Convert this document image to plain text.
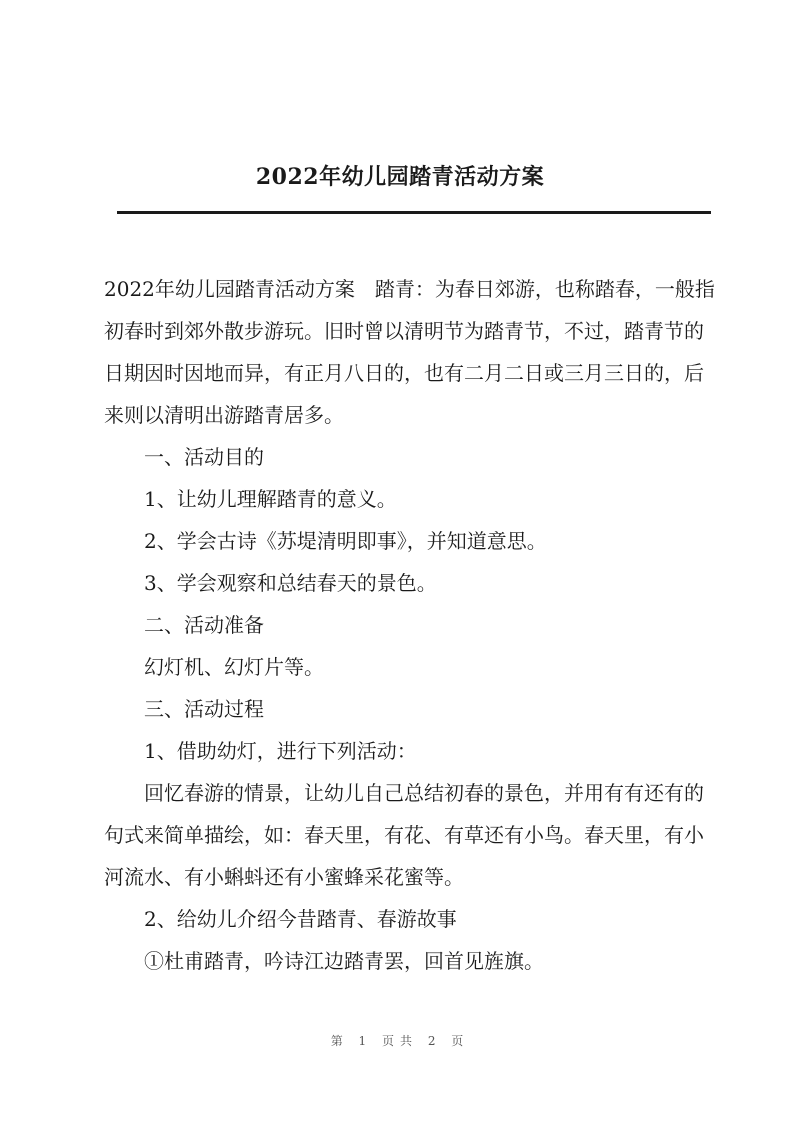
2022年幼儿园踏青活动方案

2022年幼儿园踏青活动方案　踏青：为春日郊游，也称踏春，一般指初春时到郊外散步游玩。旧时曾以清明节为踏青节，不过，踏青节的日期因时因地而异，有正月八日的，也有二月二日或三月三日的，后来则以清明出游踏青居多。

一、活动目的

1、让幼儿理解踏青的意义。

2、学会古诗《苏堤清明即事》，并知道意思。

3、学会观察和总结春天的景色。

二、活动准备

幻灯机、幻灯片等。

三、活动过程

1、借助幼灯，进行下列活动：

回忆春游的情景，让幼儿自己总结初春的景色，并用有有还有的句式来简单描绘，如：春天里，有花、有草还有小鸟。春天里，有小河流水、有小蝌蚪还有小蜜蜂采花蜜等。

2、给幼儿介绍今昔踏青、春游故事

①杜甫踏青，吟诗江边踏青罢，回首见旌旗。

第 1 页共 2 页
